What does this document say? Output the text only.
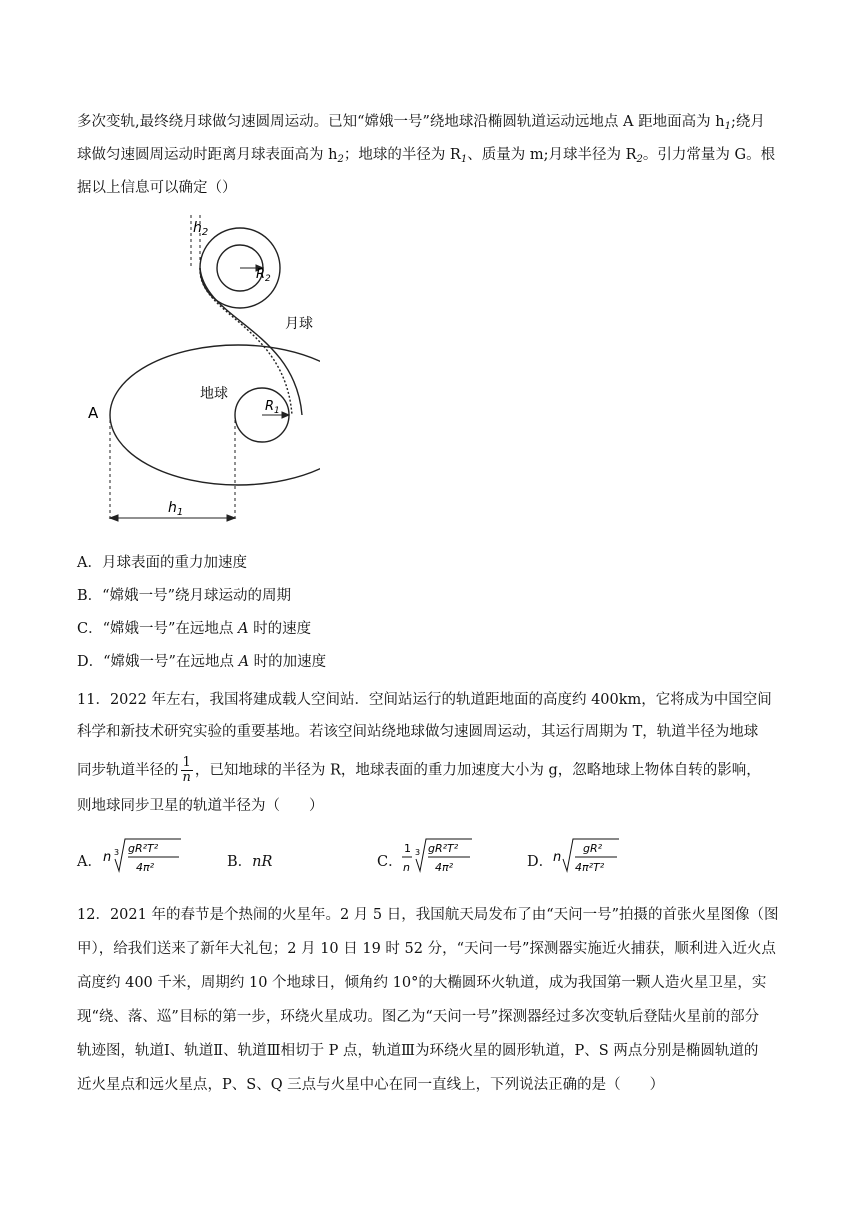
多次变轨,最终绕月球做匀速圆周运动。已知“嫦娥一号”绕地球沿椭圆轨道运动远地点 A 距地面高为 $h_1$;绕月
球做匀速圆周运动时距离月球表面高为 $h_2$；地球的半径为 $R_1$、质量为 m;月球半径为 $R_2$。引力常量为 G。根
据以上信息可以确定（）
$h_2$
$R_2$
月球
地球
$R_1$
A
$h_1$
A．月球表面的重力加速度
B．“嫦娥一号”绕月球运动的周期
C．“嫦娥一号”在远地点 A 时的速度
D．“嫦娥一号”在远地点 A 时的加速度
11．2022 年左右，我国将建成载人空间站．空间站运行的轨道距地面的高度约 400km，它将成为中国空间
科学和新技术研究实验的重要基地。若该空间站绕地球做匀速圆周运动，其运行周期为 T，轨道半径为地球
同步轨道半径的 $\frac{1}{n}$ ，已知地球的半径为 R，地球表面的重力加速度大小为 g，忽略地球上物体自转的影响，
则地球同步卫星的轨道半径为（　　）
A． n 3 gR²T²
4π²	B．nR	C．
1
n
3 gR²T²
4π²	D． n
gR²
4π²T²
12．2021 年的春节是个热闹的火星年。2 月 5 日，我国航天局发布了由“天问一号”拍摄的首张火星图像（图
甲），给我们送来了新年大礼包；2 月 10 日 19 时 52 分，“天问一号”探测器实施近火捕获，顺利进入近火点
高度约 400 千米，周期约 10 个地球日，倾角约 10°的大椭圆环火轨道，成为我国第一颗人造火星卫星，实
现“绕、落、巡”目标的第一步，环绕火星成功。图乙为“天问一号”探测器经过多次变轨后登陆火星前的部分
轨迹图，轨道Ⅰ、轨道Ⅱ、轨道Ⅲ相切于 P 点，轨道Ⅲ为环绕火星的圆形轨道，P、S 两点分别是椭圆轨道的
近火星点和远火星点，P、S、Q 三点与火星中心在同一直线上，下列说法正确的是（　　）
